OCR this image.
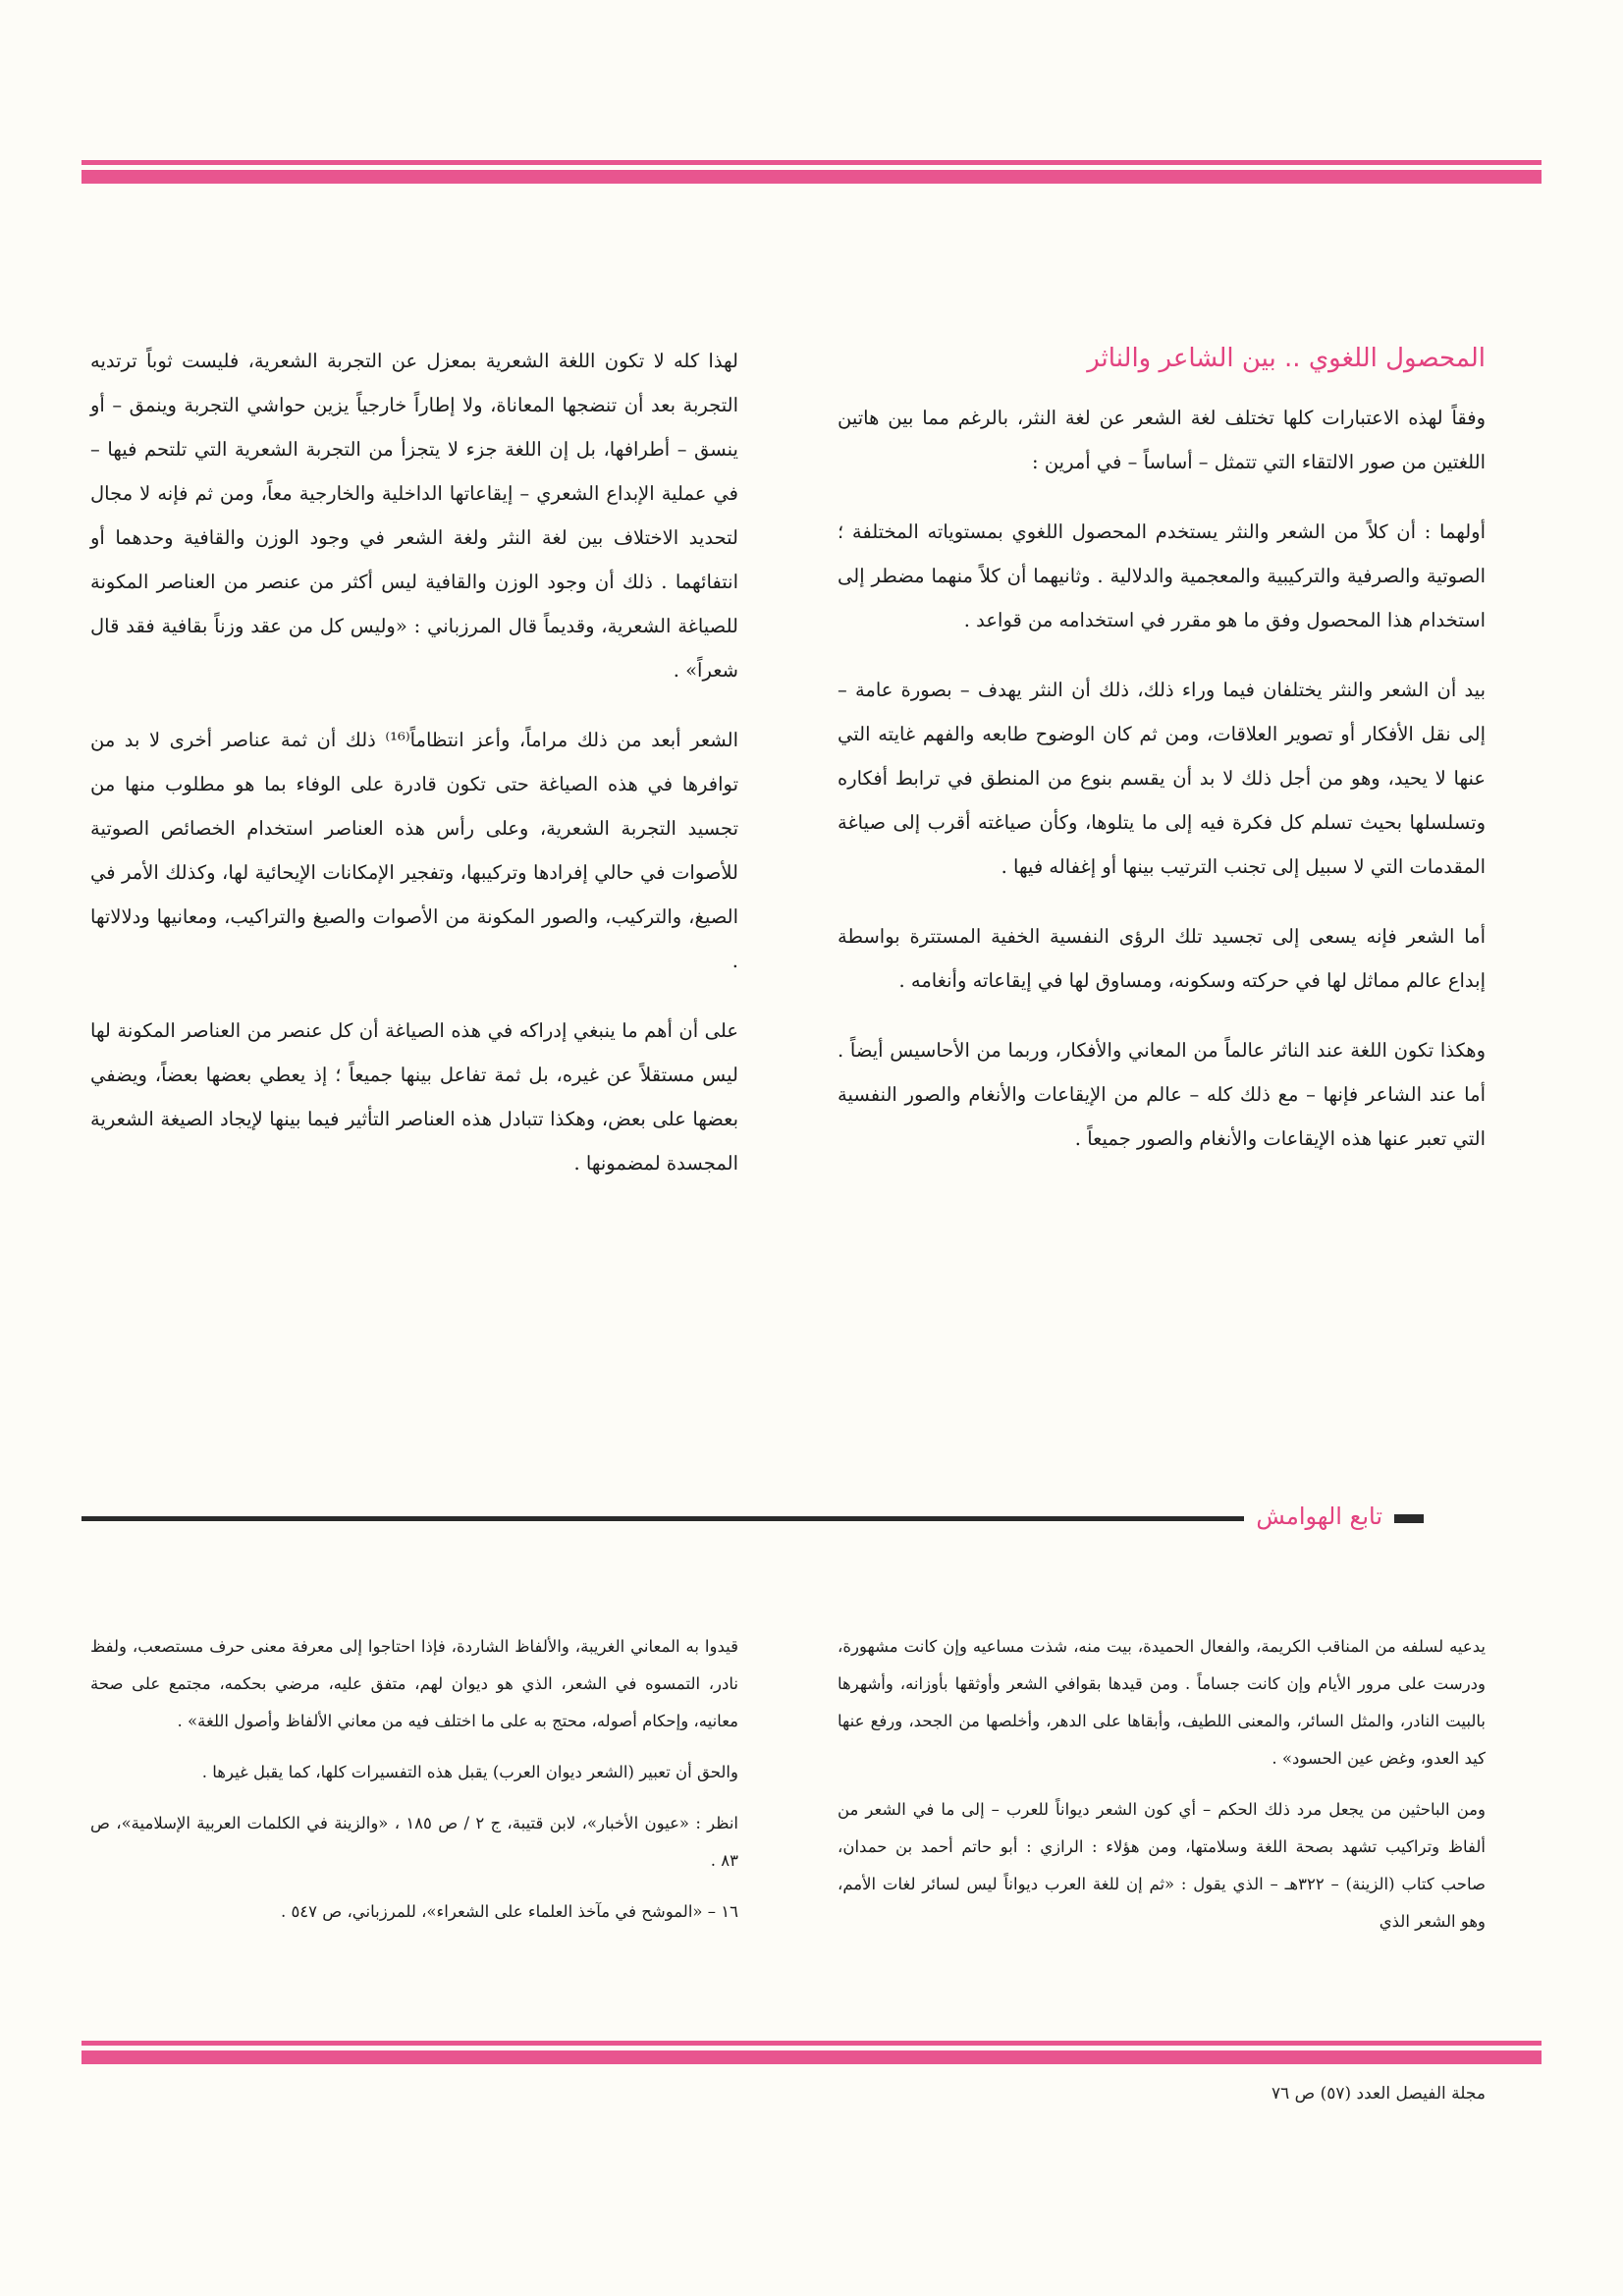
المحصول اللغوي .. بين الشاعر والناثر

وفقاً لهذه الاعتبارات كلها تختلف لغة الشعر عن لغة النثر، بالرغم مما بين هاتين اللغتين من صور الالتقاء التي تتمثل – أساساً – في أمرين :

أولهما : أن كلاً من الشعر والنثر يستخدم المحصول اللغوي بمستوياته المختلفة ؛ الصوتية والصرفية والتركيبية والمعجمية والدلالية . وثانيهما أن كلاً منهما مضطر إلى استخدام هذا المحصول وفق ما هو مقرر في استخدامه من قواعد .

بيد أن الشعر والنثر يختلفان فيما وراء ذلك، ذلك أن النثر يهدف – بصورة عامة – إلى نقل الأفكار أو تصوير العلاقات، ومن ثم كان الوضوح طابعه والفهم غايته التي عنها لا يحيد، وهو من أجل ذلك لا بد أن يقسم بنوع من المنطق في ترابط أفكاره وتسلسلها بحيث تسلم كل فكرة فيه إلى ما يتلوها، وكأن صياغته أقرب إلى صياغة المقدمات التي لا سبيل إلى تجنب الترتيب بينها أو إغفاله فيها .

أما الشعر فإنه يسعى إلى تجسيد تلك الرؤى النفسية الخفية المستترة بواسطة إبداع عالم مماثل لها في حركته وسكونه، ومساوق لها في إيقاعاته وأنغامه .

وهكذا تكون اللغة عند الناثر عالماً من المعاني والأفكار، وربما من الأحاسيس أيضاً . أما عند الشاعر فإنها – مع ذلك كله – عالم من الإيقاعات والأنغام والصور النفسية التي تعبر عنها هذه الإيقاعات والأنغام والصور جميعاً .

لهذا كله لا تكون اللغة الشعرية بمعزل عن التجربة الشعرية، فليست ثوباً ترتديه التجربة بعد أن تنضجها المعاناة، ولا إطاراً خارجياً يزين حواشي التجربة وينمق – أو ينسق – أطرافها، بل إن اللغة جزء لا يتجزأ من التجربة الشعرية التي تلتحم فيها – في عملية الإبداع الشعري – إيقاعاتها الداخلية والخارجية معاً، ومن ثم فإنه لا مجال لتحديد الاختلاف بين لغة النثر ولغة الشعر في وجود الوزن والقافية وحدهما أو انتفائهما . ذلك أن وجود الوزن والقافية ليس أكثر من عنصر من العناصر المكونة للصياغة الشعرية، وقديماً قال المرزباني : «وليس كل من عقد وزناً بقافية فقد قال شعراً» .

الشعر أبعد من ذلك مراماً، وأعز انتظاماً⁽¹⁶⁾ ذلك أن ثمة عناصر أخرى لا بد من توافرها في هذه الصياغة حتى تكون قادرة على الوفاء بما هو مطلوب منها من تجسيد التجربة الشعرية، وعلى رأس هذه العناصر استخدام الخصائص الصوتية للأصوات في حالي إفرادها وتركيبها، وتفجير الإمكانات الإيحائية لها، وكذلك الأمر في الصيغ، والتركيب، والصور المكونة من الأصوات والصيغ والتراكيب، ومعانيها ودلالاتها .

على أن أهم ما ينبغي إدراكه في هذه الصياغة أن كل عنصر من العناصر المكونة لها ليس مستقلاً عن غيره، بل ثمة تفاعل بينها جميعاً ؛ إذ يعطي بعضها بعضاً، ويضفي بعضها على بعض، وهكذا تتبادل هذه العناصر التأثير فيما بينها لإيجاد الصيغة الشعرية المجسدة لمضمونها .

تابع الهوامش

يدعيه لسلفه من المناقب الكريمة، والفعال الحميدة، بيت منه، شذت مساعيه وإن كانت مشهورة، ودرست على مرور الأيام وإن كانت جساماً . ومن قيدها بقوافي الشعر وأوثقها بأوزانه، وأشهرها بالبيت النادر، والمثل السائر، والمعنى اللطيف، وأبقاها على الدهر، وأخلصها من الجحد، ورفع عنها كيد العدو، وغض عين الحسود» .

ومن الباحثين من يجعل مرد ذلك الحكم – أي كون الشعر ديواناً للعرب – إلى ما في الشعر من ألفاظ وتراكيب تشهد بصحة اللغة وسلامتها، ومن هؤلاء : الرازي : أبو حاتم أحمد بن حمدان، صاحب كتاب (الزينة) – ٣٢٢هـ – الذي يقول : «ثم إن للغة العرب ديواناً ليس لسائر لغات الأمم، وهو الشعر الذي

قيدوا به المعاني الغريبة، والألفاظ الشاردة، فإذا احتاجوا إلى معرفة معنى حرف مستصعب، ولفظ نادر، التمسوه في الشعر، الذي هو ديوان لهم، متفق عليه، مرضي بحكمه، مجتمع على صحة معانيه، وإحكام أصوله، محتج به على ما اختلف فيه من معاني الألفاظ وأصول اللغة» .

والحق أن تعبير (الشعر ديوان العرب) يقبل هذه التفسيرات كلها، كما يقبل غيرها .

انظر : «عيون الأخبار»، لابن قتيبة، ج ٢ / ص ١٨٥ ، «والزينة في الكلمات العربية الإسلامية»، ص ٨٣ .

١٦ – «الموشح في مآخذ العلماء على الشعراء»، للمرزباني، ص ٥٤٧ .

مجلة الفيصل العدد (٥٧) ص ٧٦
